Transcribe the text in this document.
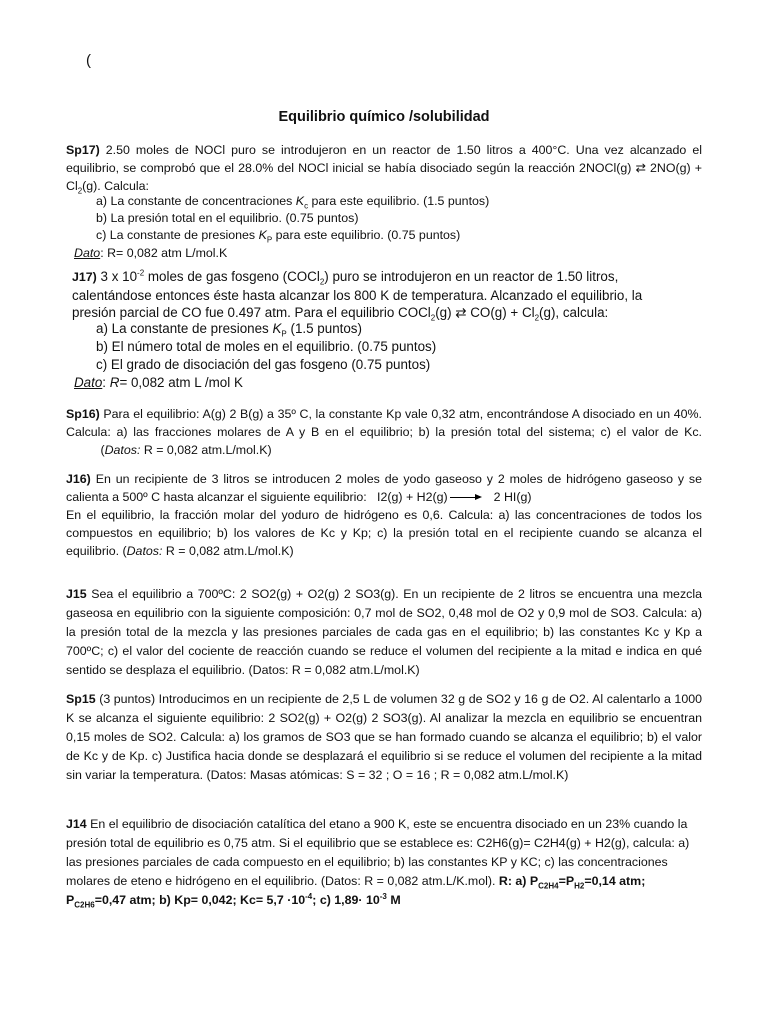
(
Equilibrio químico /solubilidad
Sp17) 2.50 moles de NOCl puro se introdujeron en un reactor de 1.50 litros a 400°C. Una vez alcanzado el equilibrio, se comprobó que el 28.0% del NOCl inicial se había disociado según la reacción 2NOCl(g) ⇄ $2NO(g) + Cl_2(g)$. Calcula:
a) La constante de concentraciones $K_c$ para este equilibrio. (1.5 puntos)
b) La presión total en el equilibrio. (0.75 puntos)
c) La constante de presiones $K_P$ para este equilibrio. (0.75 puntos)
Dato: R= 0,082 atm L/mol.K
J17) 3 x $10^{-2}$ moles de gas fosgeno (COCl$_2$) puro se introdujeron en un reactor de 1.50 litros, calentándose entonces éste hasta alcanzar los 800 K de temperatura. Alcanzado el equilibrio, la presión parcial de CO fue 0.497 atm. Para el equilibrio COCl$_2$(g) ⇄ $CO(g) + Cl_2(g)$, calcula:
a) La constante de presiones $K_P$ (1.5 puntos)
b) El número total de moles en el equilibrio. (0.75 puntos)
c) El grado de disociación del gas fosgeno (0.75 puntos)
Dato: R= 0,082 atm L /mol K
Sp16) Para el equilibrio: A(g) 2 B(g) a 35º C, la constante Kp vale 0,32 atm, encontrándose A disociado en un 40%. Calcula: a) las fracciones molares de A y B en el equilibrio; b) la presión total del sistema; c) el valor de Kc.           (Datos: R = 0,082 atm.L/mol.K)
J16) En un recipiente de 3 litros se introducen 2 moles de yodo gaseoso y 2 moles de hidrógeno gaseoso y se calienta a 500º C hasta alcanzar el siguiente equilibrio: I2(g) + H2(g) → 2 HI(g)
En el equilibrio, la fracción molar del yoduro de hidrógeno es 0,6. Calcula: a) las concentraciones de todos los compuestos en equilibrio; b) los valores de Kc y Kp; c) la presión total en el recipiente cuando se alcanza el equilibrio. (Datos: R = 0,082 atm.L/mol.K)
J15 Sea el equilibrio a 700ºC: 2 SO2(g) + O2(g) 2 SO3(g). En un recipiente de 2 litros se encuentra una mezcla gaseosa en equilibrio con la siguiente composición: 0,7 mol de SO2, 0,48 mol de O2 y 0,9 mol de SO3. Calcula: a) la presión total de la mezcla y las presiones parciales de cada gas en el equilibrio; b) las constantes Kc y Kp a 700ºC; c) el valor del cociente de reacción cuando se reduce el volumen del recipiente a la mitad e indica en qué sentido se desplaza el equilibrio. (Datos: R = 0,082 atm.L/mol.K)
Sp15 (3 puntos) Introducimos en un recipiente de 2,5 L de volumen 32 g de SO2 y 16 g de O2. Al calentarlo a 1000 K se alcanza el siguiente equilibrio: 2 SO2(g) + O2(g) 2 SO3(g). Al analizar la mezcla en equilibrio se encuentran 0,15 moles de SO2. Calcula: a) los gramos de SO3 que se han formado cuando se alcanza el equilibrio; b) el valor de Kc y de Kp. c) Justifica hacia donde se desplazará el equilibrio si se reduce el volumen del recipiente a la mitad sin variar la temperatura. (Datos: Masas atómicas: S = 32 ; O = 16 ; R = 0,082 atm.L/mol.K)
J14 En el equilibrio de disociación catalítica del etano a 900 K, este se encuentra disociado en un 23% cuando la presión total de equilibrio es 0,75 atm. Si el equilibrio que se establece es: C2H6(g)= C2H4(g) + H2(g), calcula: a) las presiones parciales de cada compuesto en el equilibrio; b) las constantes KP y KC; c) las concentraciones molares de eteno e hidrógeno en el equilibrio. (Datos: R = 0,082 atm.L/K.mol). R: a) $P_{C2H4}=P_{H2}=0,14$ atm; $P_{C2H6}=0,47$ atm; b) Kp= 0,042; $Kc= 5,7 \cdot 10^{-4}$; c) $1,89\cdot 10^{-3}$ M
